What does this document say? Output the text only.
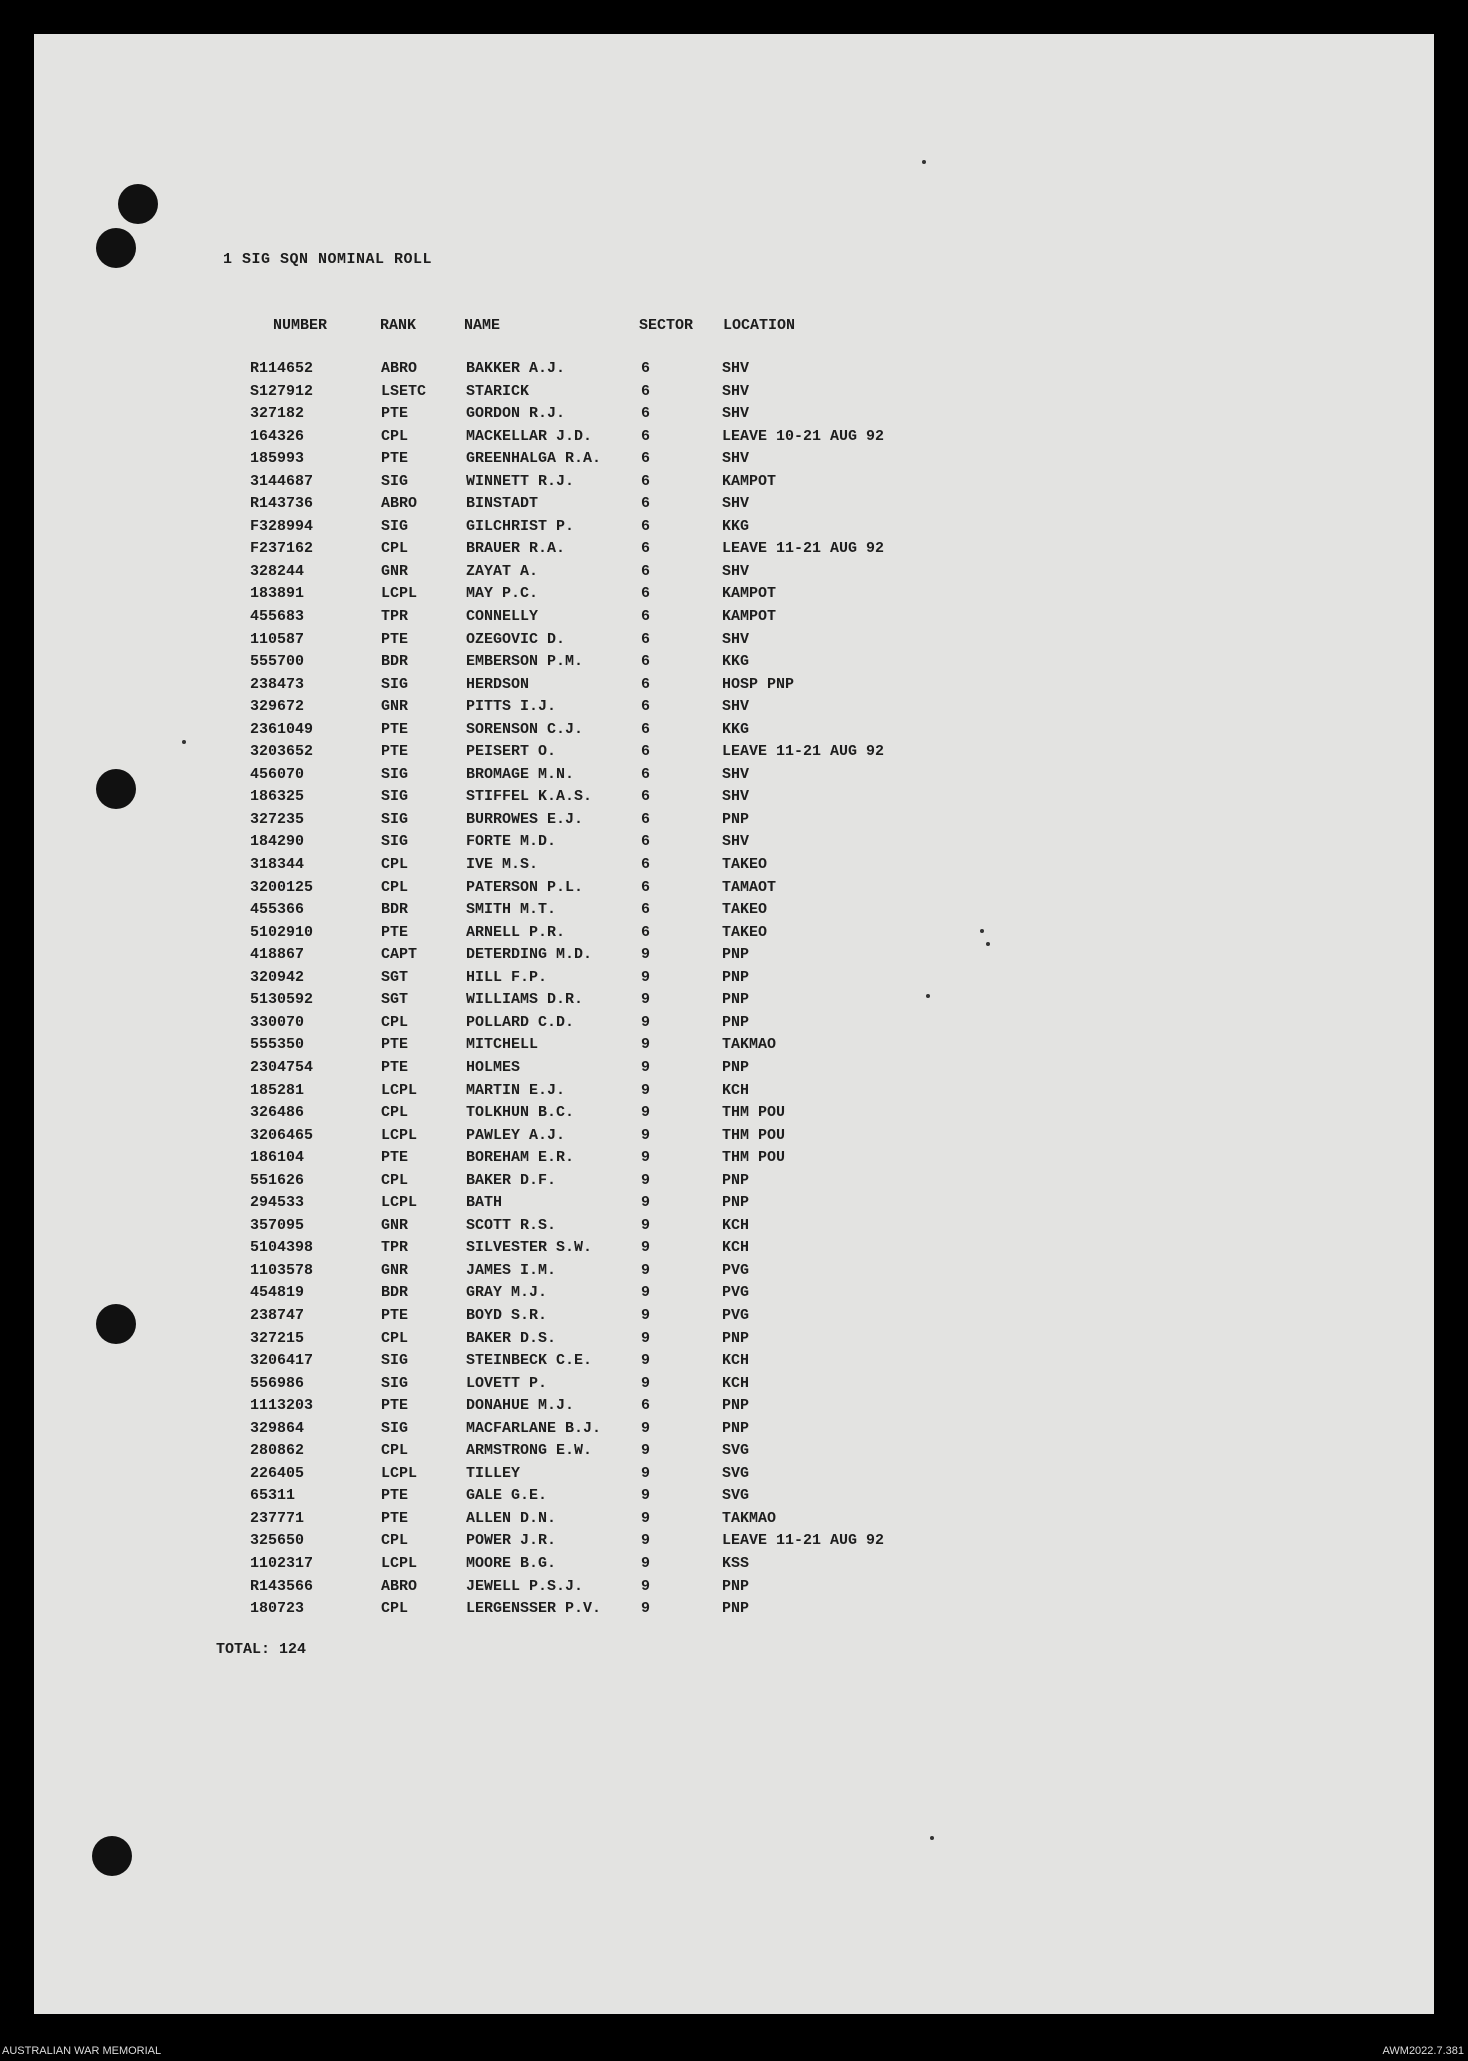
1 SIG SQN NOMINAL ROLL
NUMBER	RANK	NAME	SECTOR LOCATION
R114652	ABRO	BAKKER A.J.	6	SHV
S127912	LSETC	STARICK	6	SHV
327182	PTE	GORDON R.J.	6	SHV
164326	CPL	MACKELLAR J.D.	6	LEAVE 10-21 AUG 92
185993	PTE	GREENHALGA R.A.	6	SHV
3144687	SIG	WINNETT R.J.	6	KAMPOT
R143736	ABRO	BINSTADT	6	SHV
F328994	SIG	GILCHRIST P.	6	KKG
F237162	CPL	BRAUER R.A.	6	LEAVE 11-21 AUG 92
328244	GNR	ZAYAT A.	6	SHV
183891	LCPL	MAY P.C.	6	KAMPOT
455683	TPR	CONNELLY	6	KAMPOT
110587	PTE	OZEGOVIC D.	6	SHV
555700	BDR	EMBERSON P.M.	6	KKG
238473	SIG	HERDSON	6	HOSP PNP
329672	GNR	PITTS I.J.	6	SHV
2361049	PTE	SORENSON C.J.	6	KKG
3203652	PTE	PEISERT O.	6	LEAVE 11-21 AUG 92
456070	SIG	BROMAGE M.N.	6	SHV
186325	SIG	STIFFEL K.A.S.	6	SHV
327235	SIG	BURROWES E.J.	6	PNP
184290	SIG	FORTE M.D.	6	SHV
318344	CPL	IVE M.S.	6	TAKEO
3200125	CPL	PATERSON P.L.	6	TAMAOT
455366	BDR	SMITH M.T.	6	TAKEO
5102910	PTE	ARNELL P.R.	6	TAKEO
418867	CAPT	DETERDING M.D.	9	PNP
320942	SGT	HILL F.P.	9	PNP
5130592	SGT	WILLIAMS D.R.	9	PNP
330070	CPL	POLLARD C.D.	9	PNP
555350	PTE	MITCHELL	9	TAKMAO
2304754	PTE	HOLMES	9	PNP
185281	LCPL	MARTIN E.J.	9	KCH
326486	CPL	TOLKHUN B.C.	9	THM POU
3206465	LCPL	PAWLEY A.J.	9	THM POU
186104	PTE	BOREHAM E.R.	9	THM POU
551626	CPL	BAKER D.F.	9	PNP
294533	LCPL	BATH	9	PNP
357095	GNR	SCOTT R.S.	9	KCH
5104398	TPR	SILVESTER S.W.	9	KCH
1103578	GNR	JAMES I.M.	9	PVG
454819	BDR	GRAY M.J.	9	PVG
238747	PTE	BOYD S.R.	9	PVG
327215	CPL	BAKER D.S.	9	PNP
3206417	SIG	STEINBECK C.E.	9	KCH
556986	SIG	LOVETT P.	9	KCH
1113203	PTE	DONAHUE M.J.	6	PNP
329864	SIG	MACFARLANE B.J.	9	PNP
280862	CPL	ARMSTRONG E.W.	9	SVG
226405	LCPL	TILLEY	9	SVG
65311	PTE	GALE G.E.	9	SVG
237771	PTE	ALLEN D.N.	9	TAKMAO
325650	CPL	POWER J.R.	9	LEAVE 11-21 AUG 92
1102317	LCPL	MOORE B.G.	9	KSS
R143566	ABRO	JEWELL P.S.J.	9	PNP
180723	CPL	LERGENSSER P.V.	9	PNP
TOTAL: 124
AUSTRALIAN WAR MEMORIAL	AWM2022.7.381
